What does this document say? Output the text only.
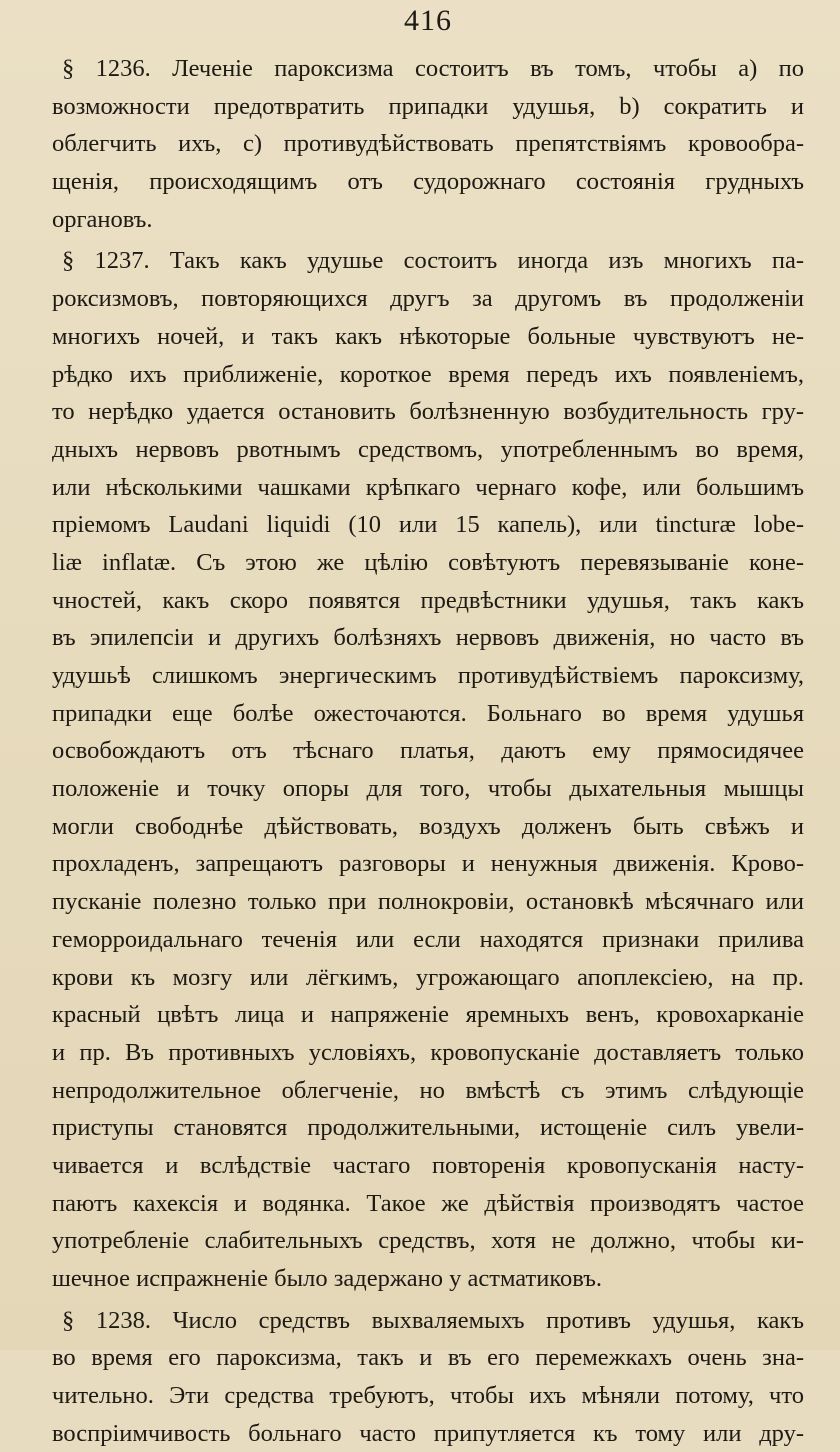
416
§ 1236. Леченіе пароксизма состоитъ въ томъ, чтобы a) по
возможности предотвратить припадки удушья, b) сократить и
облегчить ихъ, c) противудѣйствовать препятствіямъ кровообра-
щенія, происходящимъ отъ судорожнаго состоянія грудныхъ
органовъ.
§ 1237. Такъ какъ удушье состоитъ иногда изъ многихъ па-
роксизмовъ, повторяющихся другъ за другомъ въ продолженіи
многихъ ночей, и такъ какъ нѣкоторые больные чувствуютъ не-
рѣдко ихъ приближеніе, короткое время передъ ихъ появленіемъ,
то нерѣдко удается остановить болѣзненную возбудительность гру-
дныхъ нервовъ рвотнымъ средствомъ, употребленнымъ во время,
или нѣсколькими чашками крѣпкаго чернаго кофе, или большимъ
пріемомъ Laudani liquidi (10 или 15 капель), или tincturæ lobe-
liæ inflatæ. Съ этою же цѣлію совѣтуютъ перевязываніе коне-
чностей, какъ скоро появятся предвѣстники удушья, такъ какъ
въ эпилепсіи и другихъ болѣзняхъ нервовъ движенія, но часто въ
удушьѣ слишкомъ энергическимъ противудѣйствіемъ пароксизму,
припадки еще болѣе ожесточаются. Больнаго во время удушья
освобождаютъ отъ тѣснаго платья, даютъ ему прямосидячее
положеніе и точку опоры для того, чтобы дыхательныя мышцы
могли свободнѣе дѣйствовать, воздухъ долженъ быть свѣжъ и
прохладенъ, запрещаютъ разговоры и ненужныя движенія. Крово-
пусканіе полезно только при полнокровіи, остановкѣ мѣсячнаго или
геморроидальнаго теченія или если находятся признаки прилива
крови къ мозгу или лёгкимъ, угрожающаго апоплексіею, на пр.
красный цвѣтъ лица и напряженіе яремныхъ венъ, кровохарканіе
и пр. Въ противныхъ условіяхъ, кровопусканіе доставляетъ только
непродолжительное облегченіе, но вмѣстѣ съ этимъ слѣдующіе
приступы становятся продолжительными, истощеніе силъ увели-
чивается и вслѣдствіе частаго повторенія кровопусканія насту-
паютъ кахексія и водянка. Такое же дѣйствія производятъ частое
употребленіе слабительныхъ средствъ, хотя не должно, чтобы ки-
шечное испражненіе было задержано у астматиковъ.
§ 1238. Число средствъ выхваляемыхъ противъ удушья, какъ
во время его пароксизма, такъ и въ его перемежкахъ очень зна-
чительно. Эти средства требуютъ, чтобы ихъ мѣняли потому, что
воспріимчивость больнаго часто припутляется къ тому или дру-
